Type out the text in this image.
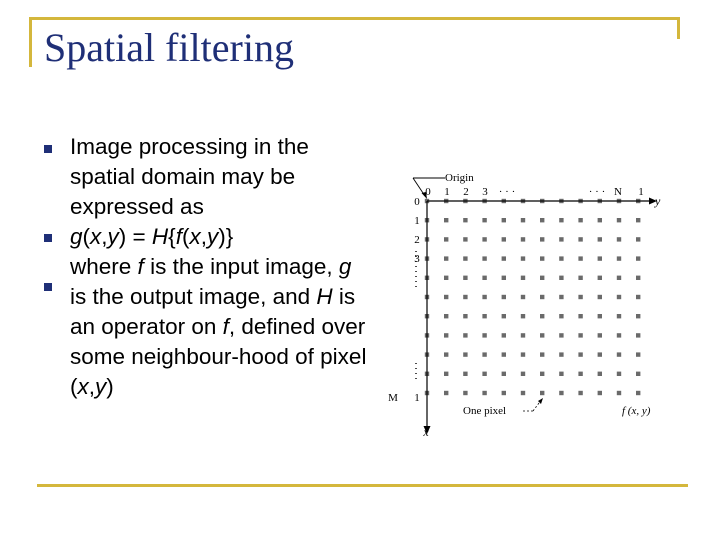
Spatial filtering

Image processing in the spatial domain may be expressed as

g(x,y) = H{f(x,y)}

where f is the input image, g is the output image, and H is an operator on f, defined over some neighbour-hood of pixel (x,y)

Origin
0 1 2 3 · · ·	· · · N 1
0
1
2
3
M 1
y
x
One pixel	f (x, y)
